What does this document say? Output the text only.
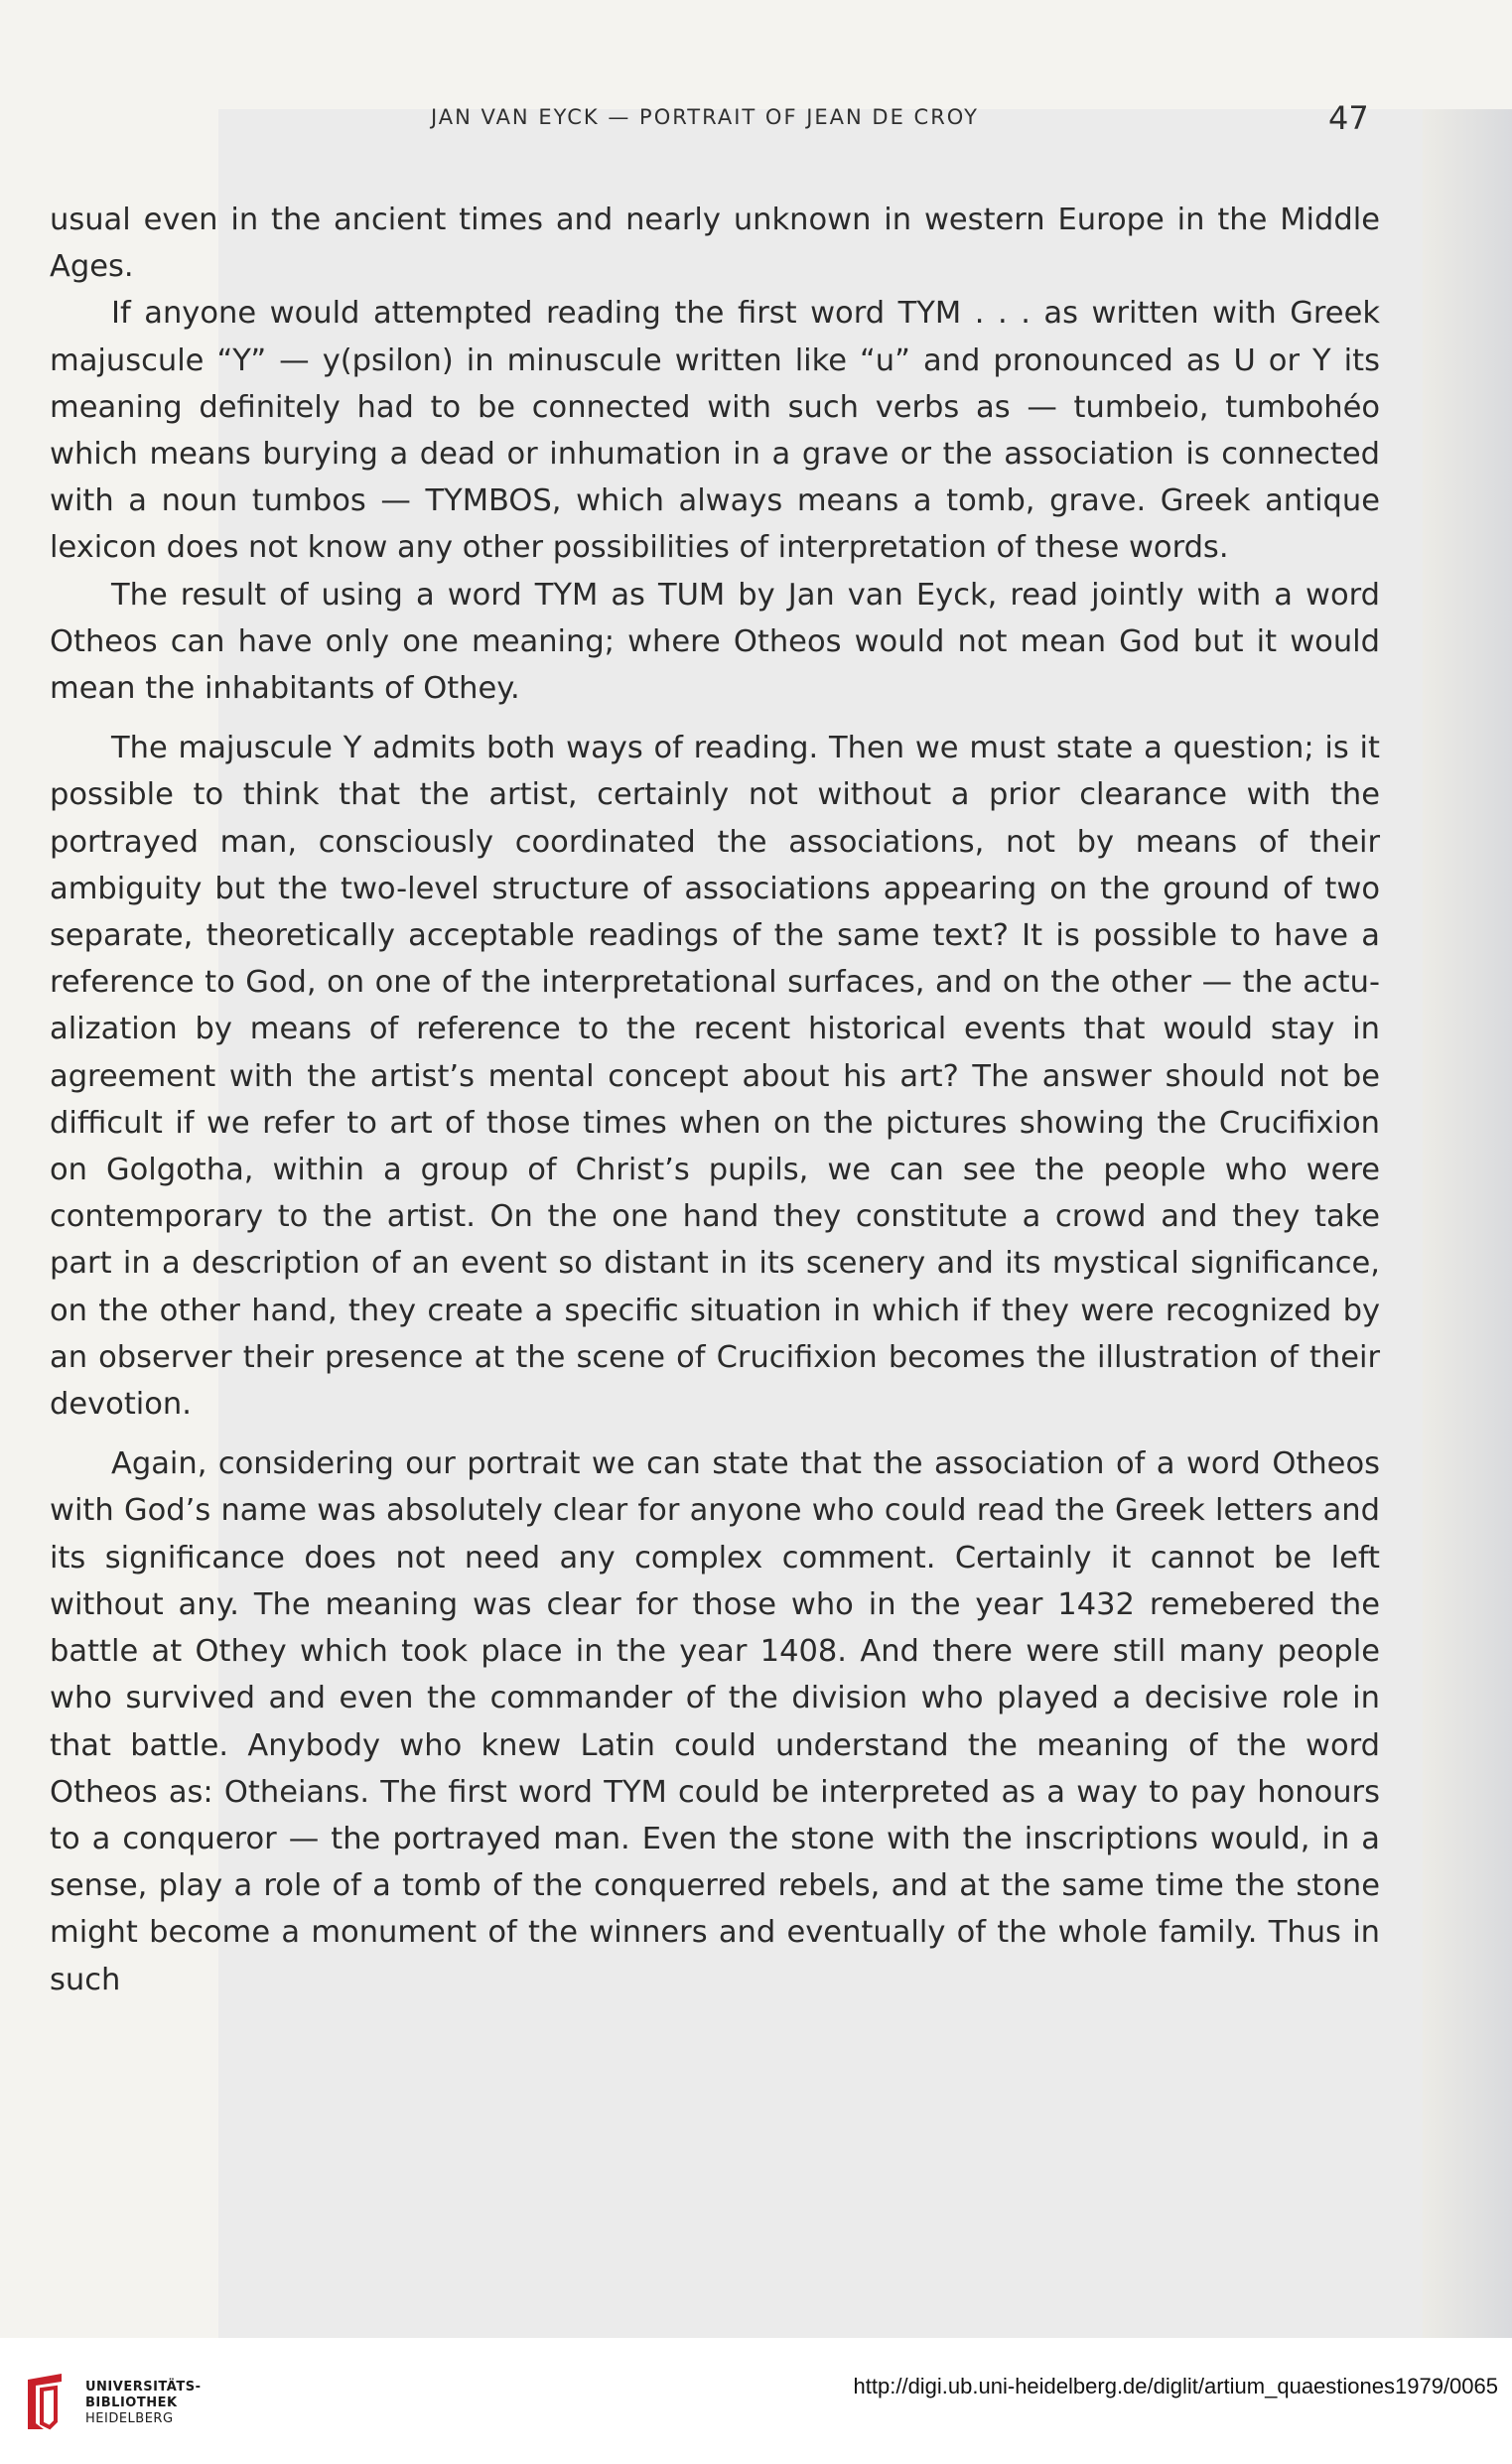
JAN VAN EYCK — PORTRAIT OF JEAN DE CROY	47

usual even in the ancient times and nearly unknown in western Europe in the Middle Ages.

If anyone would attempted reading the first word TYM . . . as written with Greek majuscule “Y” — y(psilon) in minuscule written like “u” and pronounced as U or Y its meaning definitely had to be connected with such verbs as — tumbeio, tumbohéo which means burying a dead or inhumation in a grave or the association is connected with a noun tumbos — TYMBOS, which always means a tomb, grave. Greek antique lexicon does not know any other possibilities of interpretation of these words.

The result of using a word TYM as TUM by Jan van Eyck, read jointly with a word Otheos can have only one meaning; where Otheos would not mean God but it would mean the inhabitants of Othey.

The majuscule Y admits both ways of reading. Then we must state a question; is it possible to think that the artist, certainly not without a prior clearance with the portrayed man, consciously coordinated the associations, not by means of their ambiguity but the two-level structure of associations appearing on the ground of two separate, theoretically acceptable readings of the same text? It is possible to have a reference to God, on one of the interpretational surfaces, and on the other — the actualization by means of reference to the recent historical events that would stay in agreement with the artist’s mental concept about his art? The answer should not be difficult if we refer to art of those times when on the pictures showing the Crucifixion on Golgotha, within a group of Christ’s pupils, we can see the people who were contemporary to the artist. On the one hand they constitute a crowd and they take part in a description of an event so distant in its scenery and its mystical significance, on the other hand, they create a specific situation in which if they were recognized by an observer their presence at the scene of Crucifixion becomes the illustration of their devotion.

Again, considering our portrait we can state that the association of a word Otheos with God’s name was absolutely clear for anyone who could read the Greek letters and its significance does not need any complex comment. Certainly it cannot be left without any. The meaning was clear for those who in the year 1432 remebered the battle at Othey which took place in the year 1408. And there were still many people who survived and even the commander of the division who played a decisive role in that battle. Anybody who knew Latin could understand the meaning of the word Otheos as: Otheians. The first word TYM could be interpreted as a way to pay honours to a conqueror — the portrayed man. Even the stone with the inscriptions would, in a sense, play a role of a tomb of the conquerred rebels, and at the same time the stone might become a monument of the winners and eventually of the whole family. Thus in such

UNIVERSITÄTS-
BIBLIOTHEK
HEIDELBERG
http://digi.ub.uni-heidelberg.de/diglit/artium_quaestiones1979/0065
